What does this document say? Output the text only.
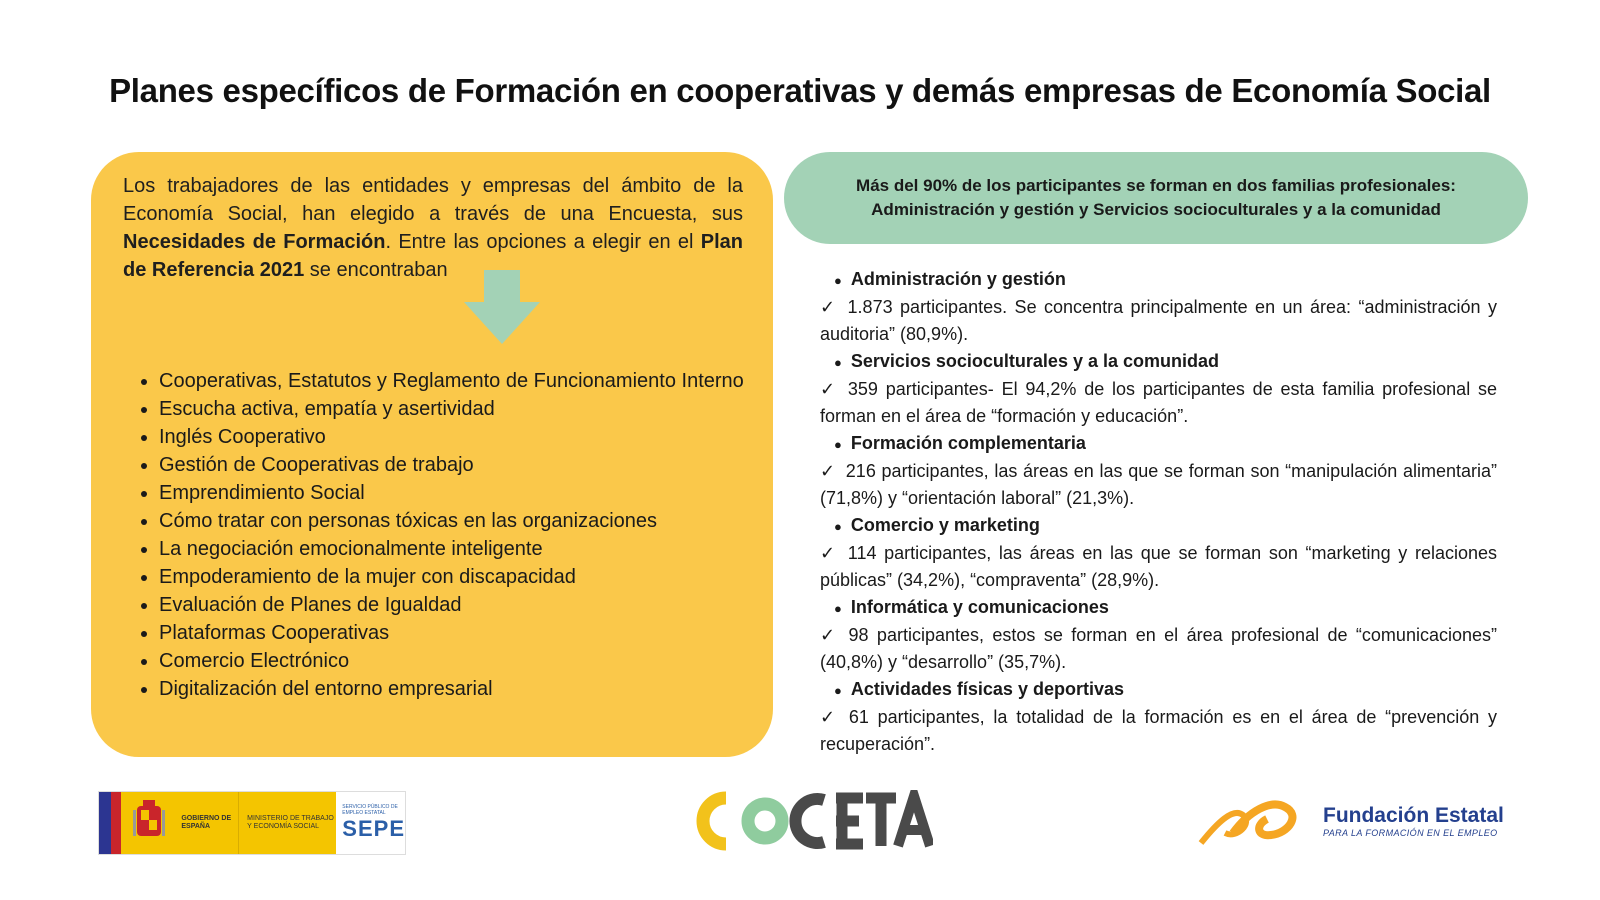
Planes específicos de Formación en cooperativas y demás empresas de Economía Social

Los trabajadores de las entidades y empresas del ámbito de la Economía Social, han elegido a través de una Encuesta, sus Necesidades de Formación. Entre las opciones a elegir en el Plan de Referencia 2021 se encontraban

• Cooperativas, Estatutos y Reglamento de Funcionamiento Interno
• Escucha activa, empatía y asertividad
• Inglés Cooperativo
• Gestión de Cooperativas de trabajo
• Emprendimiento Social
• Cómo tratar con personas tóxicas en las organizaciones
• La negociación emocionalmente inteligente
• Empoderamiento de la mujer con discapacidad
• Evaluación de Planes de Igualdad
• Plataformas Cooperativas
• Comercio Electrónico
• Digitalización del entorno empresarial
Más del 90% de los participantes se forman en dos familias profesionales:
Administración y gestión y Servicios socioculturales y a la comunidad
● Administración y gestión

✓ 1.873 participantes. Se concentra principalmente en un área: “administración y auditoria” (80,9%).

● Servicios socioculturales y a la comunidad

✓ 359 participantes- El 94,2% de los participantes de esta familia profesional se forman en el área de “formación y educación”.

● Formación complementaria

✓ 216 participantes, las áreas en las que se forman son “manipulación alimentaria” (71,8%) y “orientación laboral” (21,3%).

● Comercio y marketing

✓ 114 participantes, las áreas en las que se forman son “marketing y relaciones públicas” (34,2%), “compraventa” (28,9%).

● Informática y comunicaciones

✓ 98 participantes, estos se forman en el área profesional de “comunicaciones” (40,8%) y “desarrollo” (35,7%).

● Actividades físicas y deportivas

✓ 61 participantes, la totalidad de la formación es en el área de “prevención y recuperación”.

GOBIERNO DE ESPAÑA
MINISTERIO DE TRABAJO Y ECONOMÍA SOCIAL
SERVICIO PÚBLICO DE EMPLEO ESTATAL
SEPE
Fundación Estatal
PARA LA FORMACIÓN EN EL EMPLEO
